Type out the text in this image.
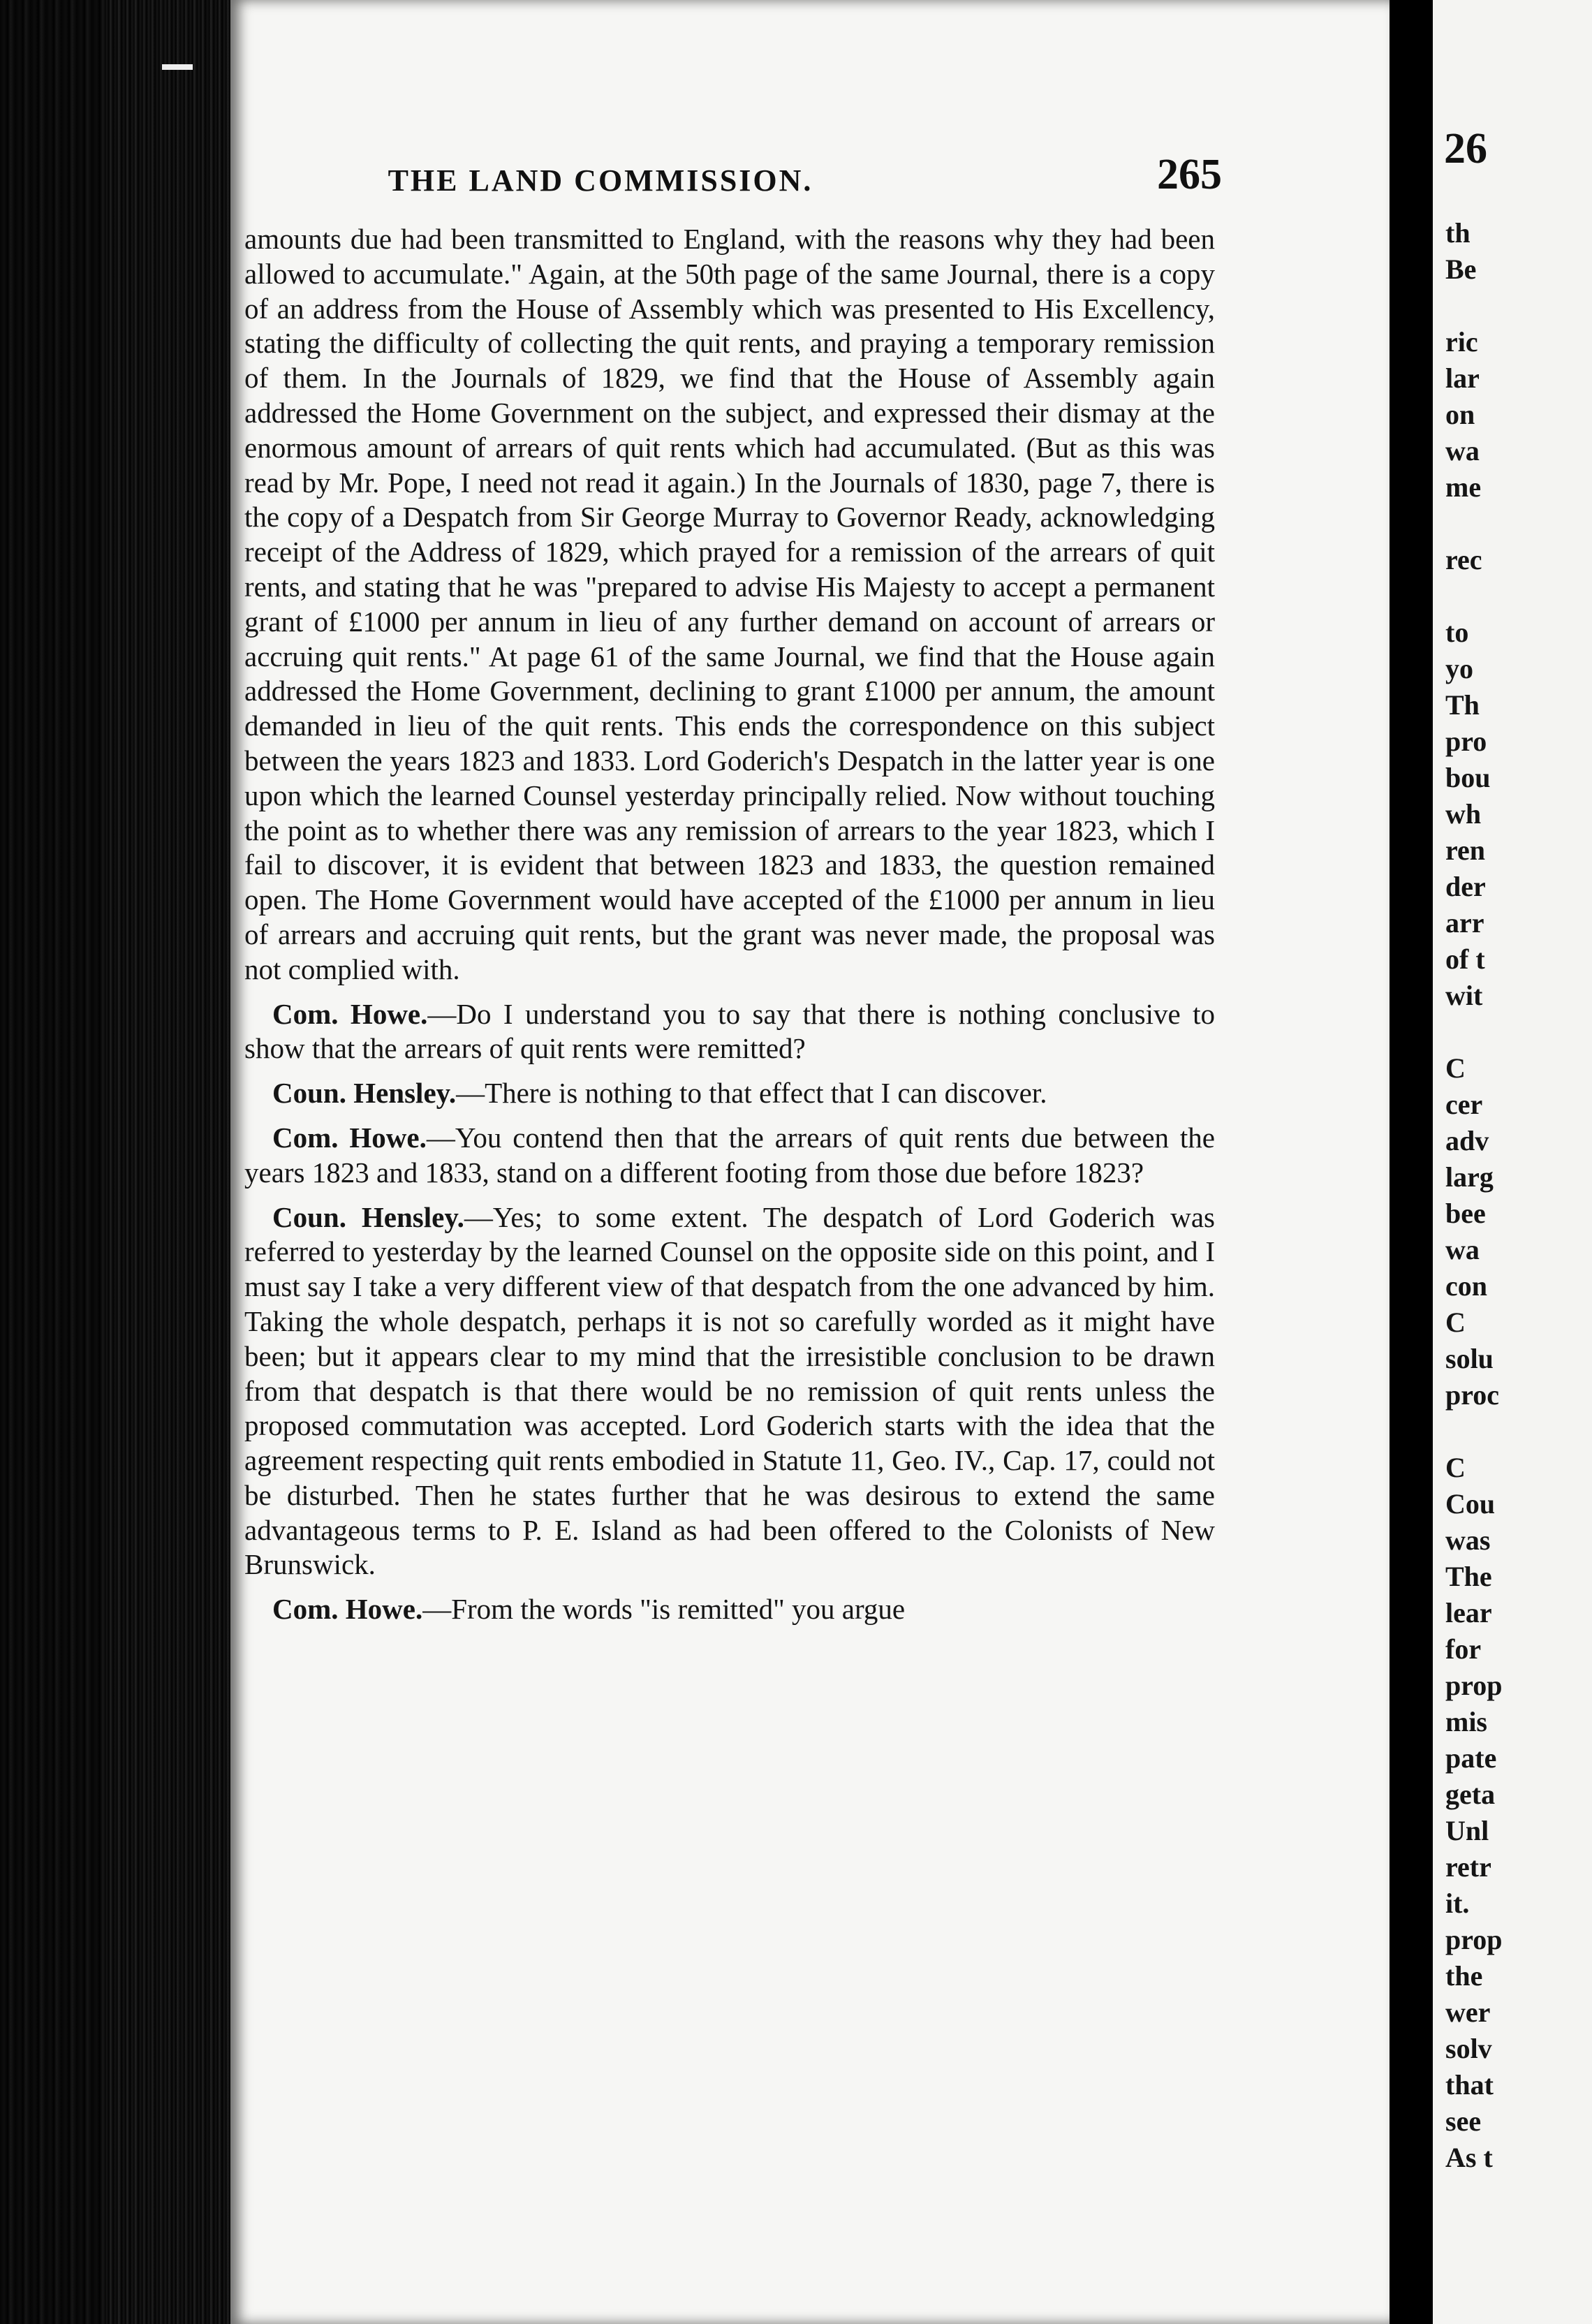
THE LAND COMMISSION.	265

amounts due had been transmitted to England, with the reasons why they had been allowed to accumulate." Again, at the 50th page of the same Journal, there is a copy of an address from the House of Assembly which was presented to His Excellency, stating the difficulty of collecting the quit rents, and praying a temporary remission of them. In the Journals of 1829, we find that the House of Assembly again addressed the Home Government on the subject, and expressed their dismay at the enormous amount of arrears of quit rents which had accumulated. (But as this was read by Mr. Pope, I need not read it again.) In the Journals of 1830, page 7, there is the copy of a Despatch from Sir George Murray to Governor Ready, acknowledging receipt of the Address of 1829, which prayed for a remission of the arrears of quit rents, and stating that he was "prepared to advise His Majesty to accept a permanent grant of £1000 per annum in lieu of any further demand on account of arrears or accruing quit rents." At page 61 of the same Journal, we find that the House again addressed the Home Government, declining to grant £1000 per annum, the amount demanded in lieu of the quit rents. This ends the correspondence on this subject between the years 1823 and 1833. Lord Goderich's Despatch in the latter year is one upon which the learned Counsel yesterday principally relied. Now without touching the point as to whether there was any remission of arrears to the year 1823, which I fail to discover, it is evident that between 1823 and 1833, the question remained open. The Home Government would have accepted of the £1000 per annum in lieu of arrears and accruing quit rents, but the grant was never made, the proposal was not complied with.

Com. Howe.—Do I understand you to say that there is nothing conclusive to show that the arrears of quit rents were remitted?

Coun. Hensley.—There is nothing to that effect that I can discover.

Com. Howe.—You contend then that the arrears of quit rents due between the years 1823 and 1833, stand on a different footing from those due before 1823?

Coun. Hensley.—Yes; to some extent. The despatch of Lord Goderich was referred to yesterday by the learned Counsel on the opposite side on this point, and I must say I take a very different view of that despatch from the one advanced by him. Taking the whole despatch, perhaps it is not so carefully worded as it might have been; but it appears clear to my mind that the irresistible conclusion to be drawn from that despatch is that there would be no remission of quit rents unless the proposed commutation was accepted. Lord Goderich starts with the idea that the agreement respecting quit rents embodied in Statute 11, Geo. IV., Cap. 17, could not be disturbed. Then he states further that he was desirous to extend the same advantageous terms to P. E. Island as had been offered to the Colonists of New Brunswick.

Com. Howe.—From the words "is remitted" you argue

26
th
Be
ric
lar
on
wa
me
rec
to
yo
Th
pro
bou
wh
ren
der
arr
of t
wit
C
cer
adv
larg
bee
wa
con
C
solu
proc
C
Cou
was
The
lear
for
prop
mis
pate
geta
Unl
retr
it.
prop
the
wer
solv
that
see
As t
